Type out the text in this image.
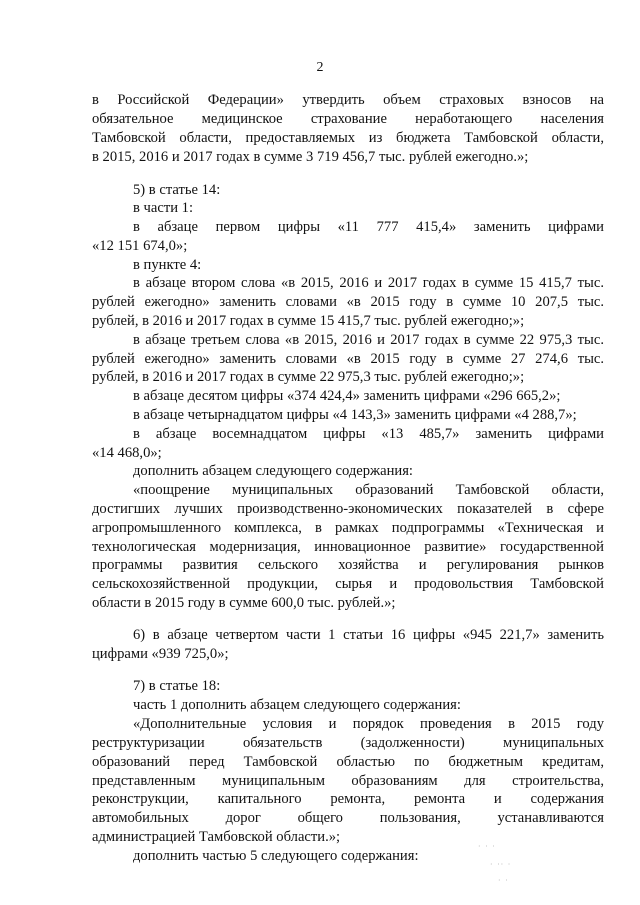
2
в Российской Федерации» утвердить объем страховых взносов на
обязательное медицинское страхование неработающего населения
Тамбовской области, предоставляемых из бюджета Тамбовской области,
в 2015, 2016 и 2017 годах в сумме 3 719 456,7 тыс. рублей ежегодно.»;
5) в статье 14:
в части 1:
в абзаце первом цифры «11 777 415,4» заменить цифрами
«12 151 674,0»;
в пункте 4:
в абзаце втором слова «в 2015, 2016 и 2017 годах в сумме 15 415,7 тыс.
рублей ежегодно» заменить словами «в 2015 году в сумме 10 207,5 тыс.
рублей, в 2016 и 2017 годах в сумме 15 415,7 тыс. рублей ежегодно;»;
в абзаце третьем слова «в 2015, 2016 и 2017 годах в сумме 22 975,3 тыс.
рублей ежегодно» заменить словами «в 2015 году в сумме 27 274,6 тыс.
рублей, в 2016 и 2017 годах в сумме 22 975,3 тыс. рублей ежегодно;»;
в абзаце десятом цифры «374 424,4» заменить цифрами «296 665,2»;
в абзаце четырнадцатом цифры «4 143,3» заменить цифрами «4 288,7»;
в абзаце восемнадцатом цифры «13 485,7» заменить цифрами
«14 468,0»;
дополнить абзацем следующего содержания:
«поощрение муниципальных образований Тамбовской области,
достигших лучших производственно-экономических показателей в сфере
агропромышленного комплекса, в рамках подпрограммы «Техническая и
технологическая модернизация, инновационное развитие» государственной
программы развития сельского хозяйства и регулирования рынков
сельскохозяйственной продукции, сырья и продовольствия Тамбовской
области в 2015 году в сумме 600,0 тыс. рублей.»;
6) в абзаце четвертом части 1 статьи 16 цифры «945 221,7» заменить
цифрами «939 725,0»;
7) в статье 18:
часть 1 дополнить абзацем следующего содержания:
«Дополнительные условия и порядок проведения в 2015 году
реструктуризации обязательств (задолженности) муниципальных
образований перед Тамбовской областью по бюджетным кредитам,
представленным муниципальным образованиям для строительства,
реконструкции, капитального ремонта, ремонта и содержания
автомобильных дорог общего пользования, устанавливаются
администрацией Тамбовской области.»;
дополнить частью 5 следующего содержания:
· · ·
· ·· ·
· ·
